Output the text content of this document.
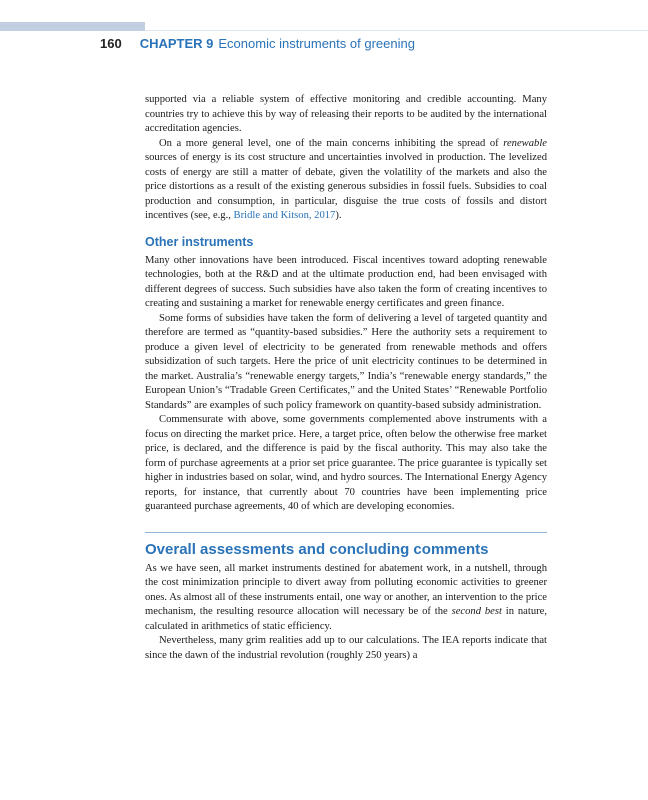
160 CHAPTER 9 Economic instruments of greening

supported via a reliable system of effective monitoring and credible accounting. Many countries try to achieve this by way of releasing their reports to be audited by the international accreditation agencies.

On a more general level, one of the main concerns inhibiting the spread of renewable sources of energy is its cost structure and uncertainties involved in production. The levelized costs of energy are still a matter of debate, given the volatility of the markets and also the price distortions as a result of the existing generous subsidies in fossil fuels. Subsidies to coal production and consumption, in particular, disguise the true costs of fossils and distort incentives (see, e.g., Bridle and Kitson, 2017).

Other instruments

Many other innovations have been introduced. Fiscal incentives toward adopting renewable technologies, both at the R&D and at the ultimate production end, had been envisaged with different degrees of success. Such subsidies have also taken the form of creating incentives to creating and sustaining a market for renewable energy certificates and green finance.

Some forms of subsidies have taken the form of delivering a level of targeted quantity and therefore are termed as “quantity-based subsidies.” Here the authority sets a requirement to produce a given level of electricity to be generated from renewable methods and offers subsidization of such targets. Here the price of unit electricity continues to be determined in the market. Australia’s “renewable energy targets,” India’s “renewable energy standards,” the European Union’s “Tradable Green Certificates,” and the United States’ “Renewable Portfolio Standards” are examples of such policy framework on quantity-based subsidy administration.

Commensurate with above, some governments complemented above instruments with a focus on directing the market price. Here, a target price, often below the otherwise free market price, is declared, and the difference is paid by the fiscal authority. This may also take the form of purchase agreements at a prior set price guarantee. The price guarantee is typically set higher in industries based on solar, wind, and hydro sources. The International Energy Agency reports, for instance, that currently about 70 countries have been implementing price guaranteed purchase agreements, 40 of which are developing economies.

Overall assessments and concluding comments

As we have seen, all market instruments destined for abatement work, in a nutshell, through the cost minimization principle to divert away from polluting economic activities to greener ones. As almost all of these instruments entail, one way or another, an intervention to the price mechanism, the resulting resource allocation will necessary be of the second best in nature, calculated in arithmetics of static efficiency.

Nevertheless, many grim realities add up to our calculations. The IEA reports indicate that since the dawn of the industrial revolution (roughly 250 years) a
